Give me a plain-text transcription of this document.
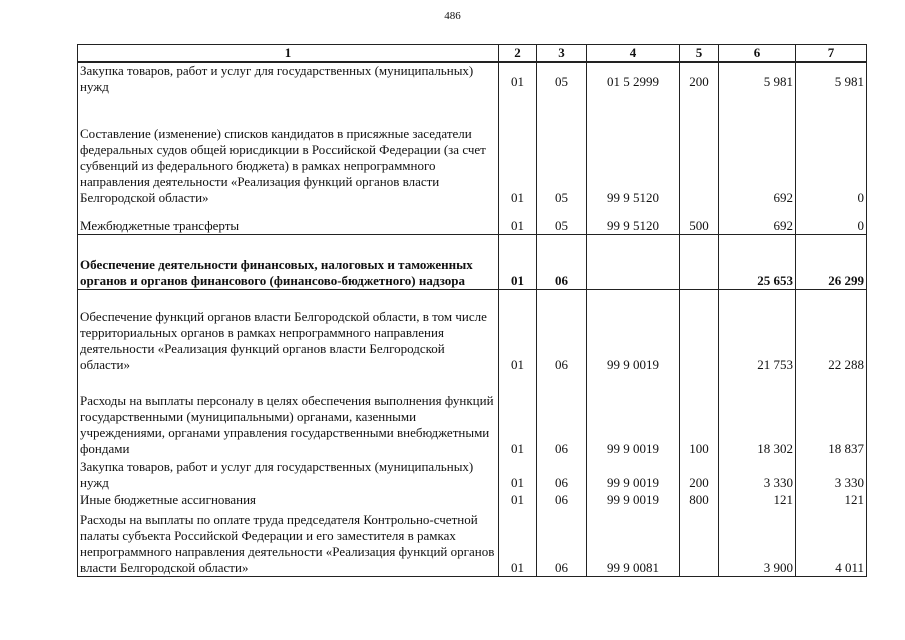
486
1	2	3	4	5	6	7
Закупка товаров, работ и услуг для государственных (муниципальных) нужд	01	05	01 5 2999	200	5 981	5 981
Составление (изменение) списков кандидатов в присяжные заседатели федеральных судов общей юрисдикции в Российской Федерации (за счет субвенций из федерального бюджета) в рамках непрограммного направления деятельности «Реализация функций органов власти Белгородской области»	01	05	99 9 5120		692	0
Межбюджетные трансферты	01	05	99 9 5120	500	692	0
Обеспечение деятельности финансовых, налоговых и таможенных органов и органов финансового (финансово-бюджетного) надзора	01	06			25 653	26 299
Обеспечение функций органов власти Белгородской области, в том числе территориальных органов в рамках непрограммного направления деятельности «Реализация функций органов власти Белгородской области»	01	06	99 9 0019		21 753	22 288
Расходы на выплаты персоналу в целях обеспечения выполнения функций государственными (муниципальными) органами, казенными учреждениями, органами управления государственными внебюджетными фондами	01	06	99 9 0019	100	18 302	18 837
Закупка товаров, работ и услуг для государственных (муниципальных) нужд	01	06	99 9 0019	200	3 330	3 330
Иные бюджетные ассигнования	01	06	99 9 0019	800	121	121
Расходы на выплаты по оплате труда председателя Контрольно-счетной палаты субъекта Российской Федерации и его заместителя в рамках непрограммного направления деятельности «Реализация функций органов власти Белгородской области»	01	06	99 9 0081		3 900	4 011
